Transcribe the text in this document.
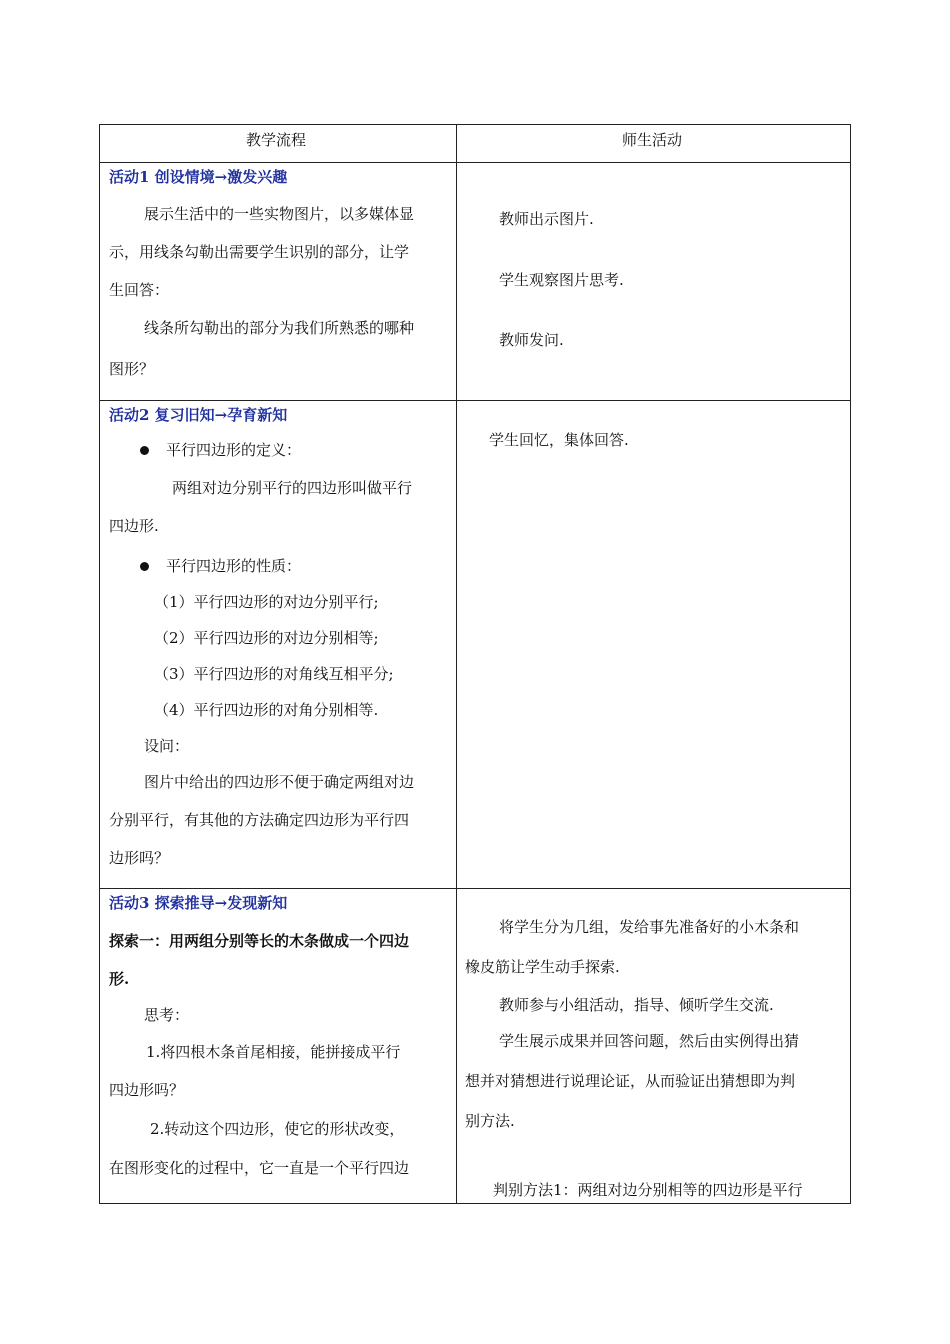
教学流程	师生活动
活动1 创设情境→激发兴趣
展示生活中的一些实物图片，以多媒体显
示，用线条勾勒出需要学生识别的部分，让学
生回答：
线条所勾勒出的部分为我们所熟悉的哪种
图形？
教师出示图片.
学生观察图片思考.
教师发问.
活动2 复习旧知→孕育新知
平行四边形的定义：
两组对边分别平行的四边形叫做平行
四边形.
平行四边形的性质：
（1）平行四边形的对边分别平行;
（2）平行四边形的对边分别相等;
（3）平行四边形的对角线互相平分;
（4）平行四边形的对角分别相等.
设问：
图片中给出的四边形不便于确定两组对边
分别平行，有其他的方法确定四边形为平行四
边形吗？
学生回忆，集体回答.
活动3 探索推导→发现新知
探索一：用两组分别等长的木条做成一个四边
形.
思考：
1.将四根木条首尾相接，能拼接成平行
四边形吗？
2.转动这个四边形，使它的形状改变，
在图形变化的过程中，它一直是一个平行四边
将学生分为几组，发给事先准备好的小木条和
橡皮筋让学生动手探索.
教师参与小组活动，指导、倾听学生交流.
学生展示成果并回答问题，然后由实例得出猜
想并对猜想进行说理论证，从而验证出猜想即为判
别方法.
判别方法1：两组对边分别相等的四边形是平行
